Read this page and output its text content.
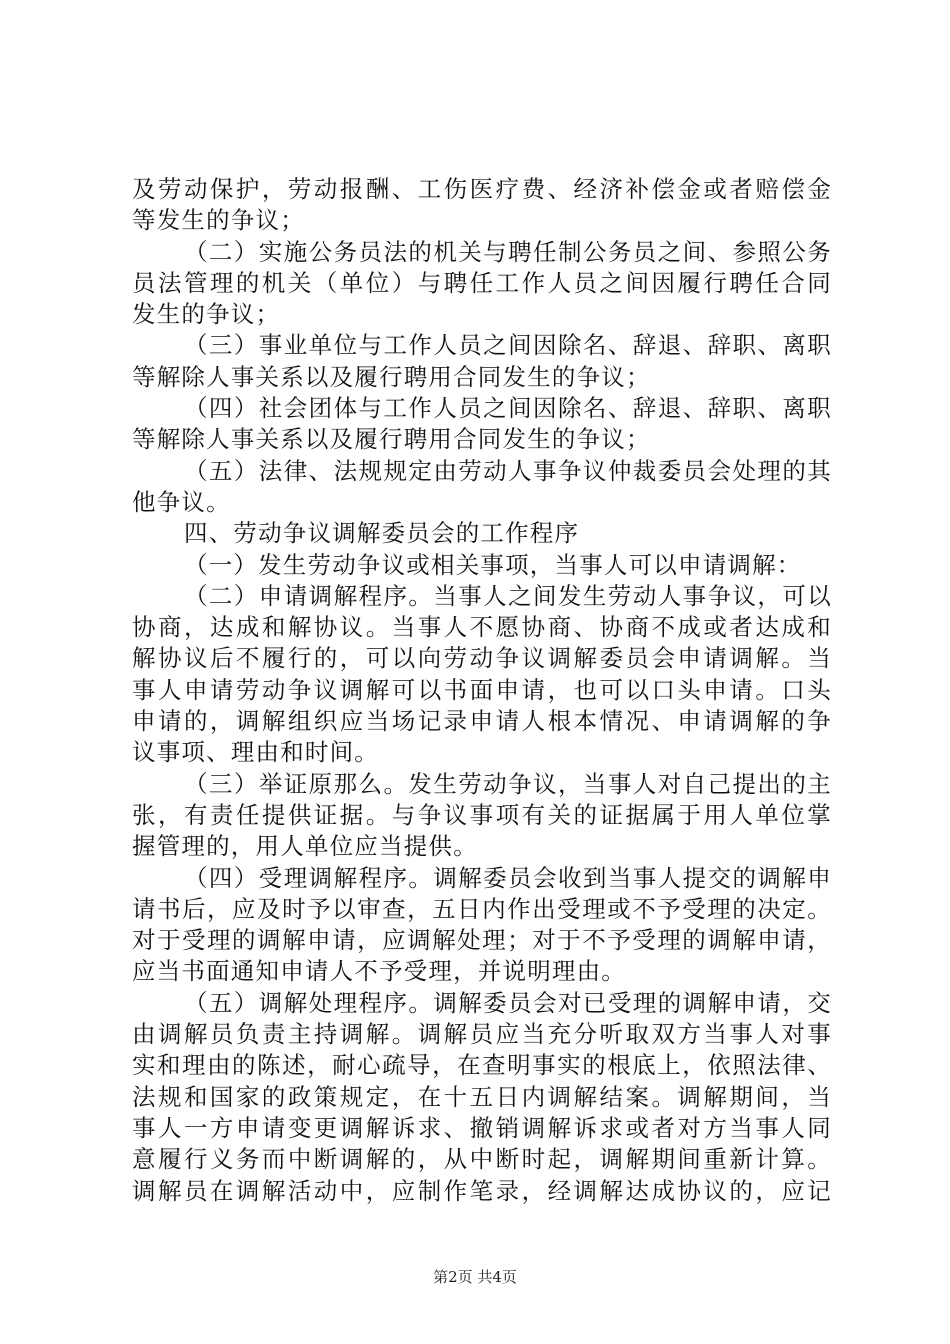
及劳动保护，劳动报酬、工伤医疗费、经济补偿金或者赔偿金
等发生的争议；
（二）实施公务员法的机关与聘任制公务员之间、参照公务
员法管理的机关（单位）与聘任工作人员之间因履行聘任合同
发生的争议；
（三）事业单位与工作人员之间因除名、辞退、辞职、离职
等解除人事关系以及履行聘用合同发生的争议；
（四）社会团体与工作人员之间因除名、辞退、辞职、离职
等解除人事关系以及履行聘用合同发生的争议；
（五）法律、法规规定由劳动人事争议仲裁委员会处理的其
他争议。
四、劳动争议调解委员会的工作程序
（一）发生劳动争议或相关事项，当事人可以申请调解：
（二）申请调解程序。当事人之间发生劳动人事争议，可以
协商，达成和解协议。当事人不愿协商、协商不成或者达成和
解协议后不履行的，可以向劳动争议调解委员会申请调解。当
事人申请劳动争议调解可以书面申请，也可以口头申请。口头
申请的，调解组织应当场记录申请人根本情况、申请调解的争
议事项、理由和时间。
（三）举证原那么。发生劳动争议，当事人对自己提出的主
张，有责任提供证据。与争议事项有关的证据属于用人单位掌
握管理的，用人单位应当提供。
（四）受理调解程序。调解委员会收到当事人提交的调解申
请书后，应及时予以审查，五日内作出受理或不予受理的决定。
对于受理的调解申请，应调解处理；对于不予受理的调解申请，
应当书面通知申请人不予受理，并说明理由。
（五）调解处理程序。调解委员会对已受理的调解申请，交
由调解员负责主持调解。调解员应当充分听取双方当事人对事
实和理由的陈述，耐心疏导，在查明事实的根底上，依照法律、
法规和国家的政策规定，在十五日内调解结案。调解期间，当
事人一方申请变更调解诉求、撤销调解诉求或者对方当事人同
意履行义务而中断调解的，从中断时起，调解期间重新计算。
调解员在调解活动中，应制作笔录，经调解达成协议的，应记
第2页 共4页
